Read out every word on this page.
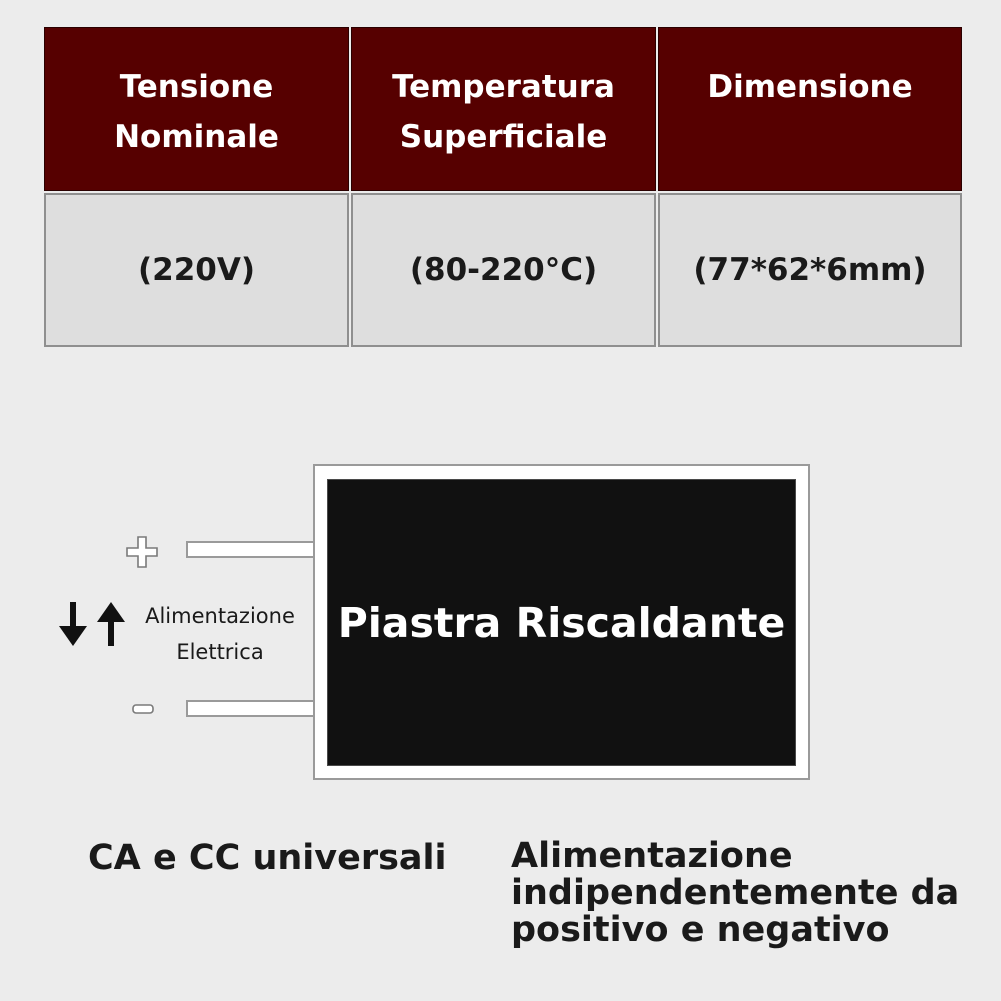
Tensione
Nominale
Temperatura
Superficiale
Dimensione
(220V)	(80-220°C)	(77*62*6mm)
Piastra Riscaldante
Alimentazione
Elettrica
CA e CC universali Alimentazione
indipendentemente da
positivo e negativo
